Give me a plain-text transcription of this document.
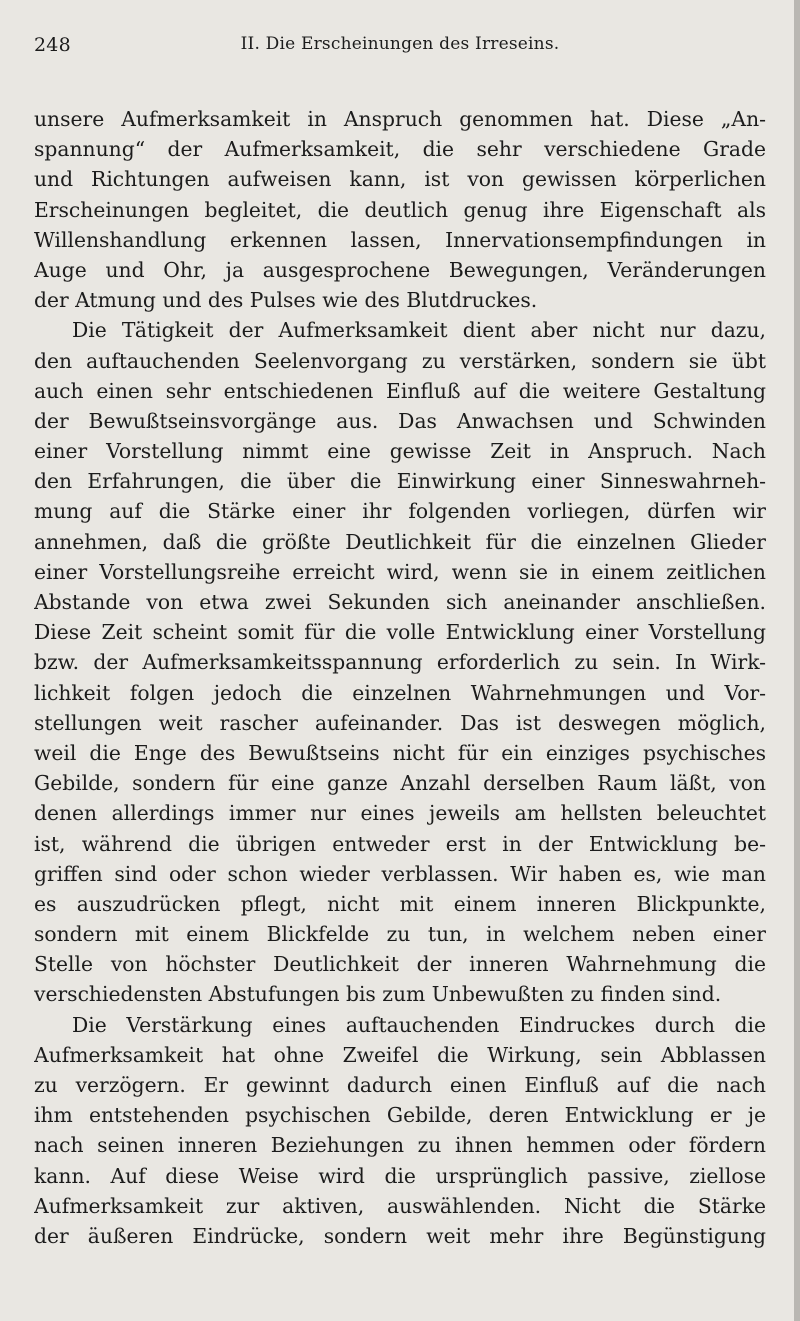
248	II. Die Erscheinungen des Irreseins.
unsere Aufmerksamkeit in Anspruch genommen hat. Diese „An-
spannung“ der Aufmerksamkeit, die sehr verschiedene Grade
und Richtungen aufweisen kann, ist von gewissen körperlichen
Erscheinungen begleitet, die deutlich genug ihre Eigenschaft als
Willenshandlung erkennen lassen, Innervationsempfindungen in
Auge und Ohr, ja ausgesprochene Bewegungen, Veränderungen
der Atmung und des Pulses wie des Blutdruckes.
Die Tätigkeit der Aufmerksamkeit dient aber nicht nur dazu,
den auftauchenden Seelenvorgang zu verstärken, sondern sie übt
auch einen sehr entschiedenen Einfluß auf die weitere Gestaltung
der Bewußtseinsvorgänge aus. Das Anwachsen und Schwinden
einer Vorstellung nimmt eine gewisse Zeit in Anspruch. Nach
den Erfahrungen, die über die Einwirkung einer Sinneswahrneh-
mung auf die Stärke einer ihr folgenden vorliegen, dürfen wir
annehmen, daß die größte Deutlichkeit für die einzelnen Glieder
einer Vorstellungsreihe erreicht wird, wenn sie in einem zeitlichen
Abstande von etwa zwei Sekunden sich aneinander anschließen.
Diese Zeit scheint somit für die volle Entwicklung einer Vorstellung
bzw. der Aufmerksamkeitsspannung erforderlich zu sein. In Wirk-
lichkeit folgen jedoch die einzelnen Wahrnehmungen und Vor-
stellungen weit rascher aufeinander. Das ist deswegen möglich,
weil die Enge des Bewußtseins nicht für ein einziges psychisches
Gebilde, sondern für eine ganze Anzahl derselben Raum läßt, von
denen allerdings immer nur eines jeweils am hellsten beleuchtet
ist, während die übrigen entweder erst in der Entwicklung be-
griffen sind oder schon wieder verblassen. Wir haben es, wie man
es auszudrücken pflegt, nicht mit einem inneren Blickpunkte,
sondern mit einem Blickfelde zu tun, in welchem neben einer
Stelle von höchster Deutlichkeit der inneren Wahrnehmung die
verschiedensten Abstufungen bis zum Unbewußten zu finden sind.
Die Verstärkung eines auftauchenden Eindruckes durch die
Aufmerksamkeit hat ohne Zweifel die Wirkung, sein Abblassen
zu verzögern. Er gewinnt dadurch einen Einfluß auf die nach
ihm entstehenden psychischen Gebilde, deren Entwicklung er je
nach seinen inneren Beziehungen zu ihnen hemmen oder fördern
kann. Auf diese Weise wird die ursprünglich passive, ziellose
Aufmerksamkeit zur aktiven, auswählenden. Nicht die Stärke
der äußeren Eindrücke, sondern weit mehr ihre Begünstigung
